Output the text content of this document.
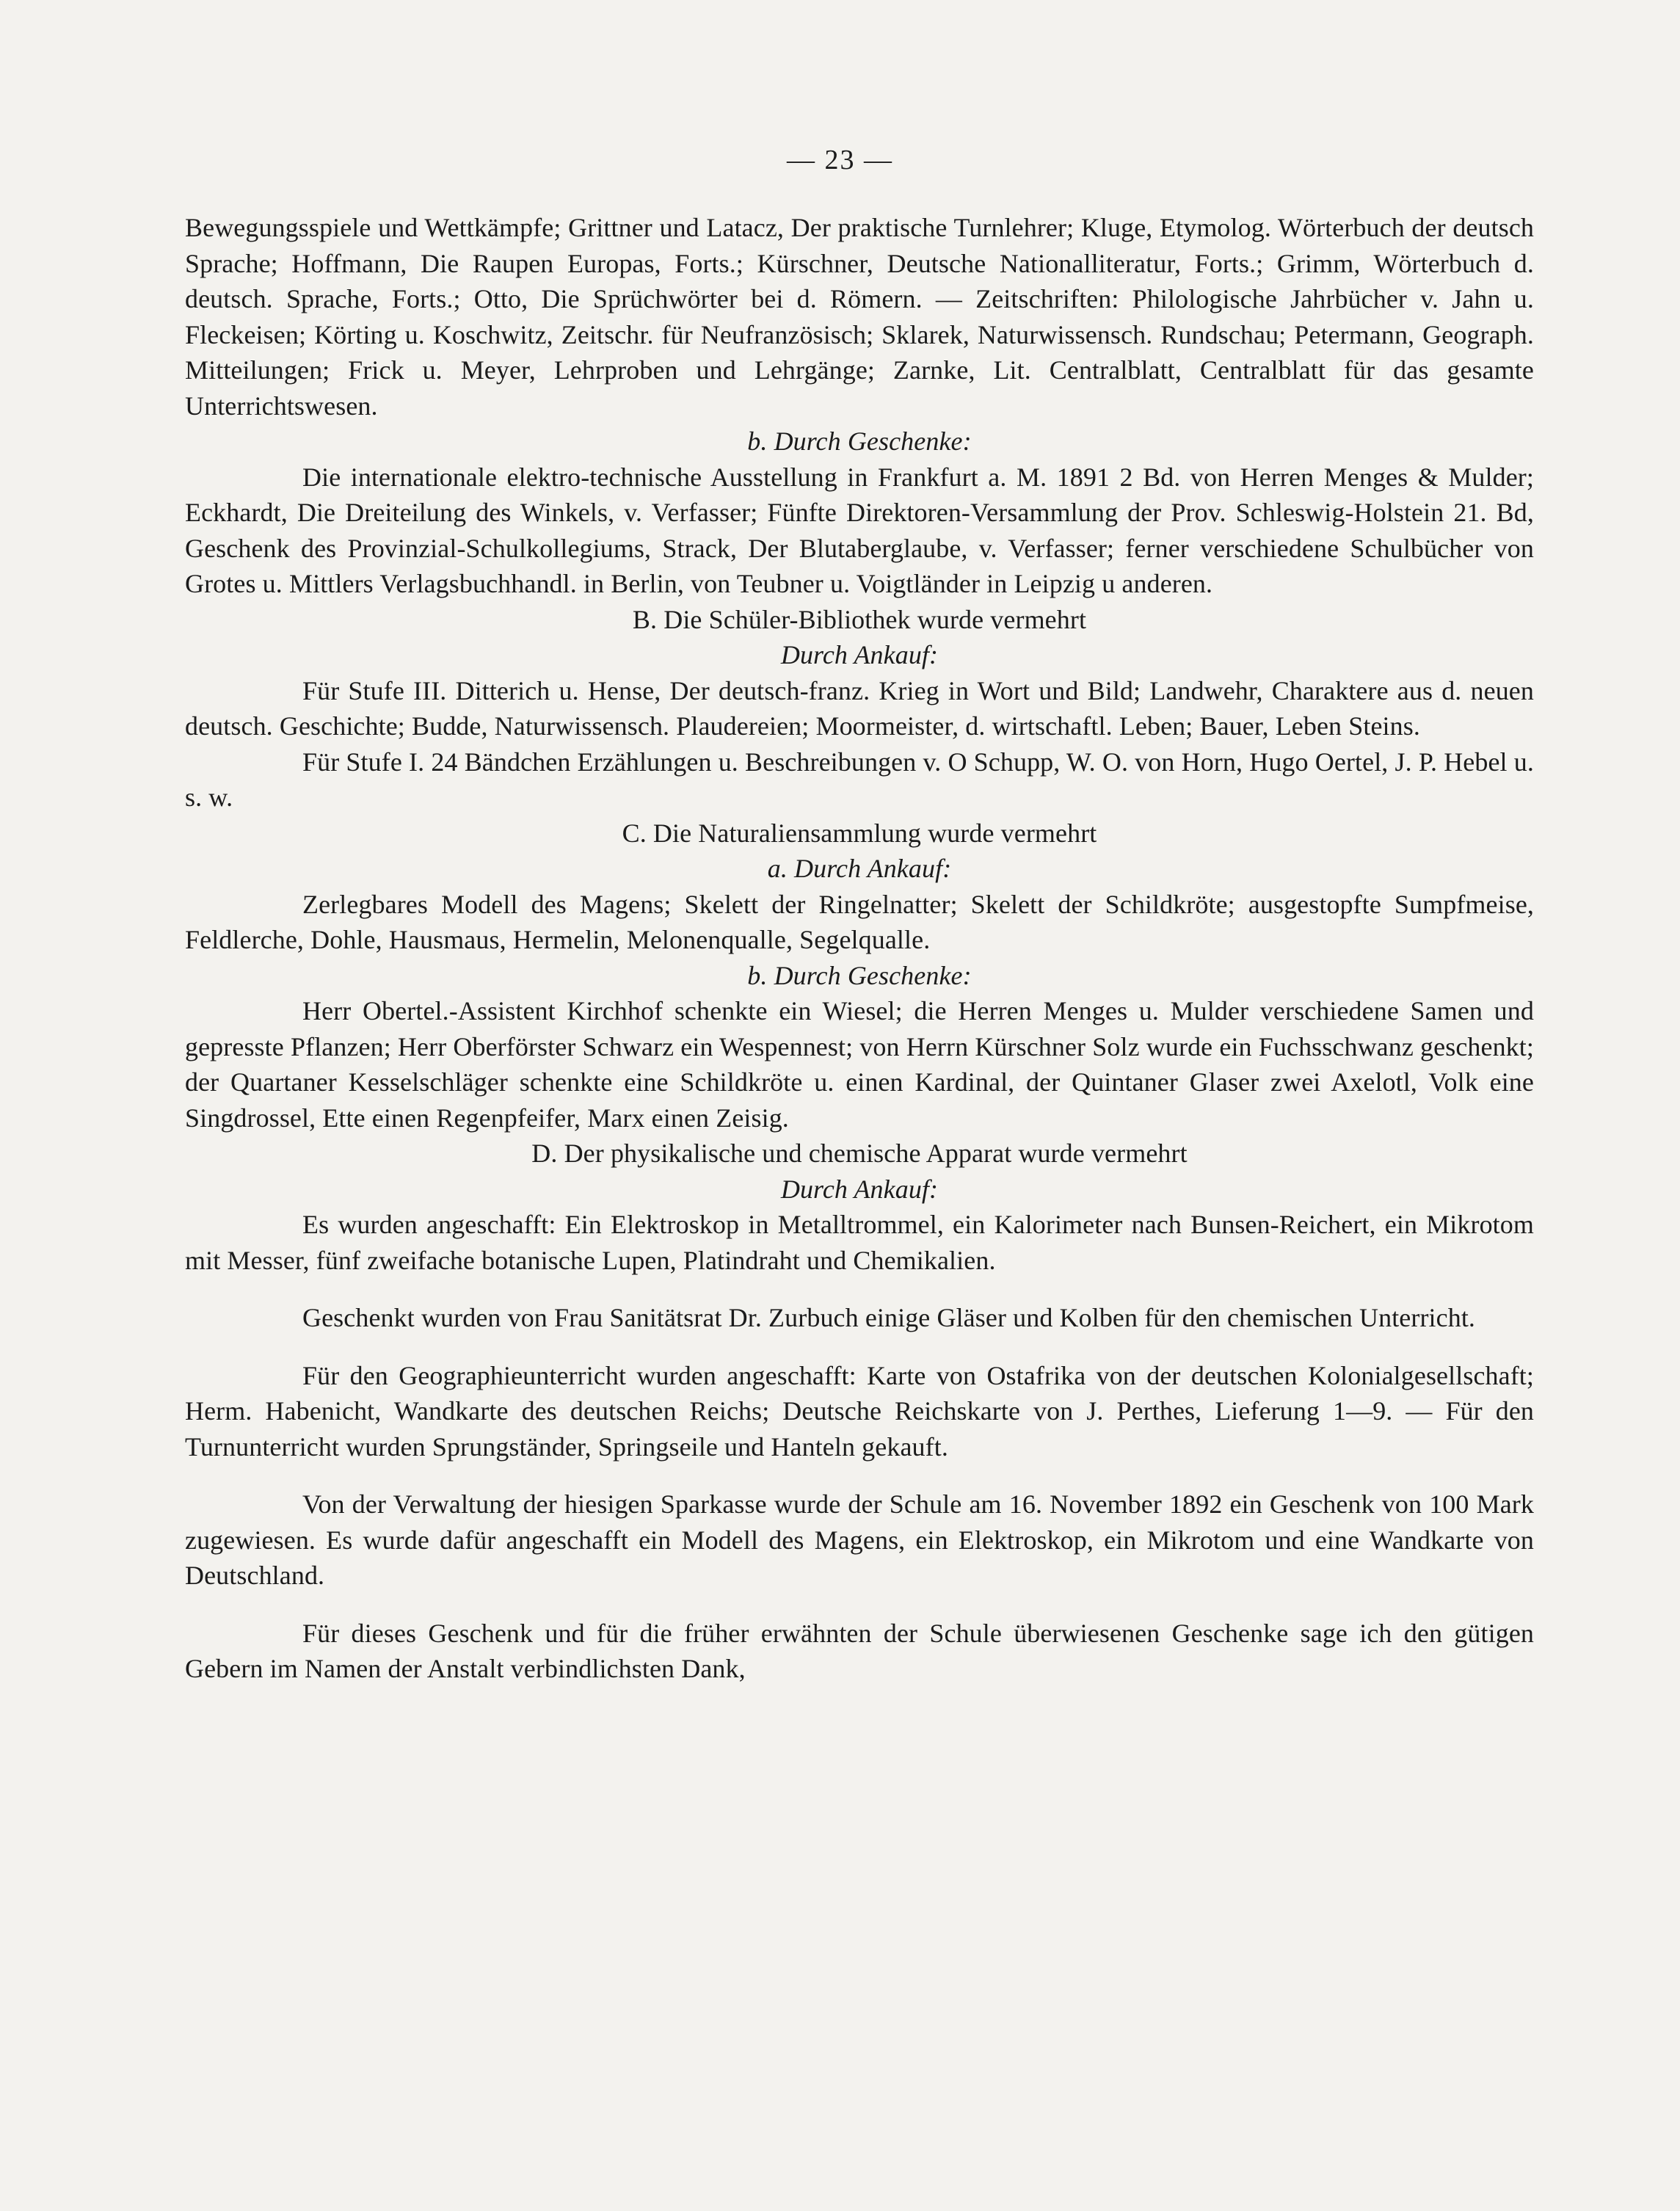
— 23 —

Bewegungsspiele und Wettkämpfe; Grittner und Latacz, Der praktische Turnlehrer; Kluge, Etymolog. Wörterbuch der deutsch Sprache; Hoffmann, Die Raupen Europas, Forts.; Kürschner, Deutsche Nationalliteratur, Forts.; Grimm, Wörterbuch d. deutsch. Sprache, Forts.; Otto, Die Sprüchwörter bei d. Römern. — Zeitschriften: Philologische Jahrbücher v. Jahn u. Fleckeisen; Körting u. Koschwitz, Zeitschr. für Neufranzösisch; Sklarek, Naturwissensch. Rundschau; Petermann, Geograph. Mitteilungen; Frick u. Meyer, Lehrproben und Lehrgänge; Zarnke, Lit. Centralblatt, Centralblatt für das gesamte Unterrichtswesen.

b. Durch Geschenke:

Die internationale elektro-technische Ausstellung in Frankfurt a. M. 1891 2 Bd. von Herren Menges & Mulder; Eckhardt, Die Dreiteilung des Winkels, v. Verfasser; Fünfte Direktoren-Versammlung der Prov. Schleswig-Holstein 21. Bd, Geschenk des Provinzial-Schulkollegiums, Strack, Der Blutaberglaube, v. Verfasser; ferner verschiedene Schulbücher von Grotes u. Mittlers Verlagsbuchhandl. in Berlin, von Teubner u. Voigtländer in Leipzig u anderen.

B. Die Schüler-Bibliothek wurde vermehrt

Durch Ankauf:

Für Stufe III. Ditterich u. Hense, Der deutsch-franz. Krieg in Wort und Bild; Landwehr, Charaktere aus d. neuen deutsch. Geschichte; Budde, Naturwissensch. Plaudereien; Moormeister, d. wirtschaftl. Leben; Bauer, Leben Steins.

Für Stufe I. 24 Bändchen Erzählungen u. Beschreibungen v. O Schupp, W. O. von Horn, Hugo Oertel, J. P. Hebel u. s. w.

C. Die Naturaliensammlung wurde vermehrt

a. Durch Ankauf:

Zerlegbares Modell des Magens; Skelett der Ringelnatter; Skelett der Schildkröte; ausgestopfte Sumpfmeise, Feldlerche, Dohle, Hausmaus, Hermelin, Melonenqualle, Segelqualle.

b. Durch Geschenke:

Herr Obertel.-Assistent Kirchhof schenkte ein Wiesel; die Herren Menges u. Mulder verschiedene Samen und gepresste Pflanzen; Herr Oberförster Schwarz ein Wespennest; von Herrn Kürschner Solz wurde ein Fuchsschwanz geschenkt; der Quartaner Kesselschläger schenkte eine Schildkröte u. einen Kardinal, der Quintaner Glaser zwei Axelotl, Volk eine Singdrossel, Ette einen Regenpfeifer, Marx einen Zeisig.

D. Der physikalische und chemische Apparat wurde vermehrt

Durch Ankauf:

Es wurden angeschafft: Ein Elektroskop in Metalltrommel, ein Kalorimeter nach Bunsen-Reichert, ein Mikrotom mit Messer, fünf zweifache botanische Lupen, Platindraht und Chemikalien.

Geschenkt wurden von Frau Sanitätsrat Dr. Zurbuch einige Gläser und Kolben für den chemischen Unterricht.

Für den Geographieunterricht wurden angeschafft: Karte von Ostafrika von der deutschen Kolonialgesellschaft; Herm. Habenicht, Wandkarte des deutschen Reichs; Deutsche Reichskarte von J. Perthes, Lieferung 1—9. — Für den Turnunterricht wurden Sprungständer, Springseile und Hanteln gekauft.

Von der Verwaltung der hiesigen Sparkasse wurde der Schule am 16. November 1892 ein Geschenk von 100 Mark zugewiesen. Es wurde dafür angeschafft ein Modell des Magens, ein Elektroskop, ein Mikrotom und eine Wandkarte von Deutschland.

Für dieses Geschenk und für die früher erwähnten der Schule überwiesenen Geschenke sage ich den gütigen Gebern im Namen der Anstalt verbindlichsten Dank,
